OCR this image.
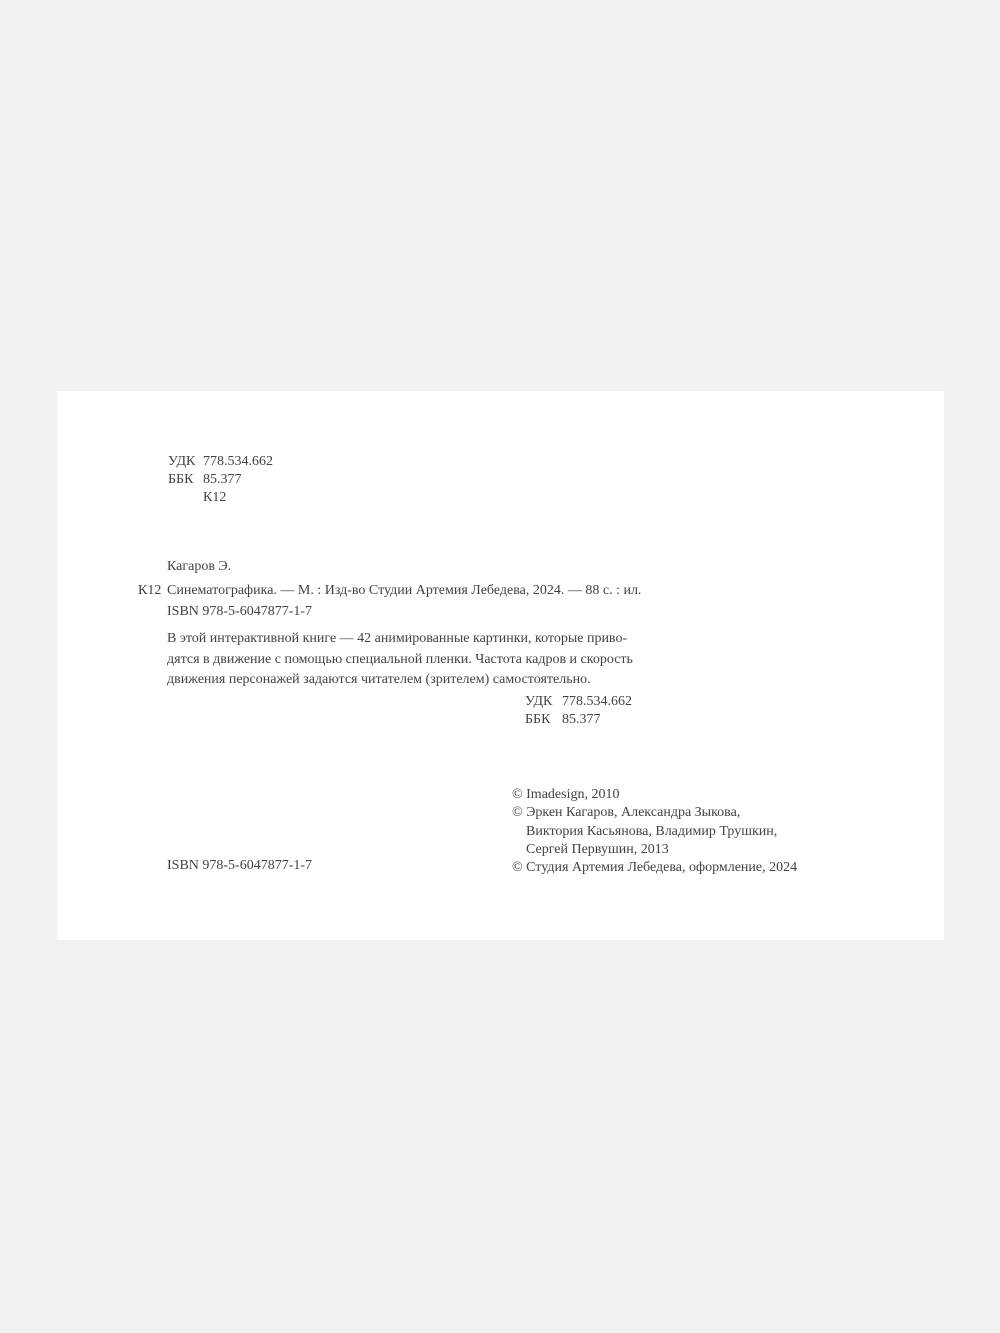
УДК 778.534.662
ББК 85.377
К12
Кагаров Э.
К12 Синематографика. — М. : Изд-во Студии Артемия Лебедева, 2024. — 88 с. : ил.
ISBN 978-5-6047877-1-7
В этой интерактивной книге — 42 анимированные картинки, которые приво-
дятся в движение с помощью специальной пленки. Частота кадров и скорость
движения персонажей задаются читателем (зрителем) самостоятельно.
УДК 778.534.662
ББК 85.377
© Imadesign, 2010
© Эркен Кагаров, Александра Зыкова,
Виктория Касьянова, Владимир Трушкин,
Сергей Первушин, 2013
© Студия Артемия Лебедева, оформление, 2024
ISBN 978-5-6047877-1-7
